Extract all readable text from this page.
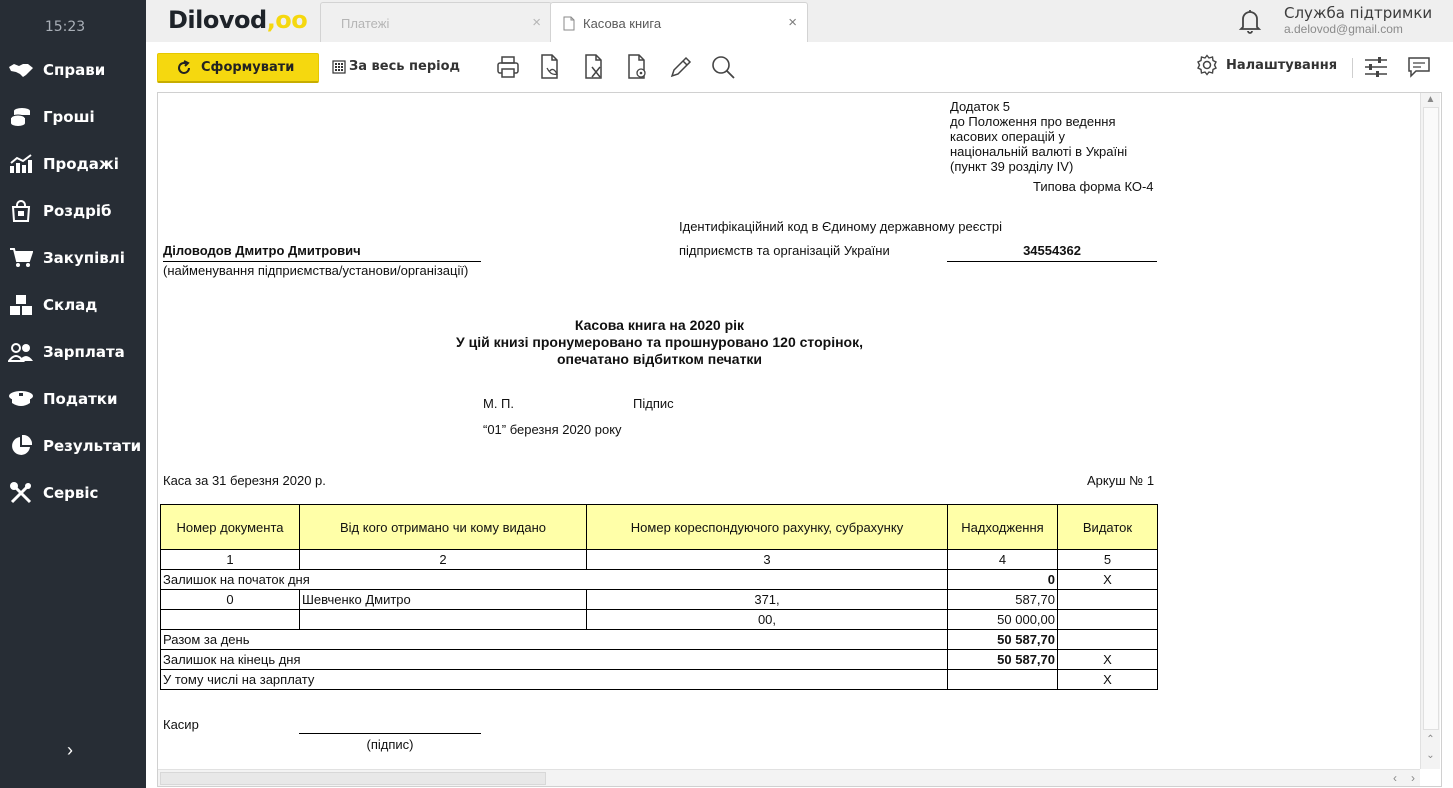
15:23
Справи
Гроші
Продажі
Роздріб
Закупівлі
Склад
Зарплата
Податки
Результати
Сервіс
›
Dilovod,oo	Платежі	×	Касова книга	×
Служба підтримки
a.delovod@gmail.com
Сформувати	За весь період	Налаштування
Додаток 5
до Положення про ведення
касових операцій у
національній валюті в Україні
(пункт 39 розділу IV)
Типова форма КО-4
Ідентифікаційний код в Єдиному державному реєстрі
підприємств та організацій України	34554362
Діловодов Дмитро Дмитрович
(найменування підприємства/установи/організації)
Касова книга на 2020 рік
У цій книзі пронумеровано та прошнуровано 120 сторінок,
опечатано відбитком печатки
М. П.	Підпис
“01” березня 2020 року
Каса за 31 березня 2020 р.	Аркуш № 1
Номер документа	Від кого отримано чи кому видано	Номер кореспондуючого рахунку, субрахунку	Надходження	Видаток
1	2	3	4	5
Залишок на початок дня			0	X
0	Шевченко Дмитро	371,	587,70	
		00,	50 000,00	
Разом за день			50 587,70	
Залишок на кінець дня			50 587,70	X
У тому числі на зарплату				X
Касир
(підпис)
▲
⌃
⌄
‹	›
